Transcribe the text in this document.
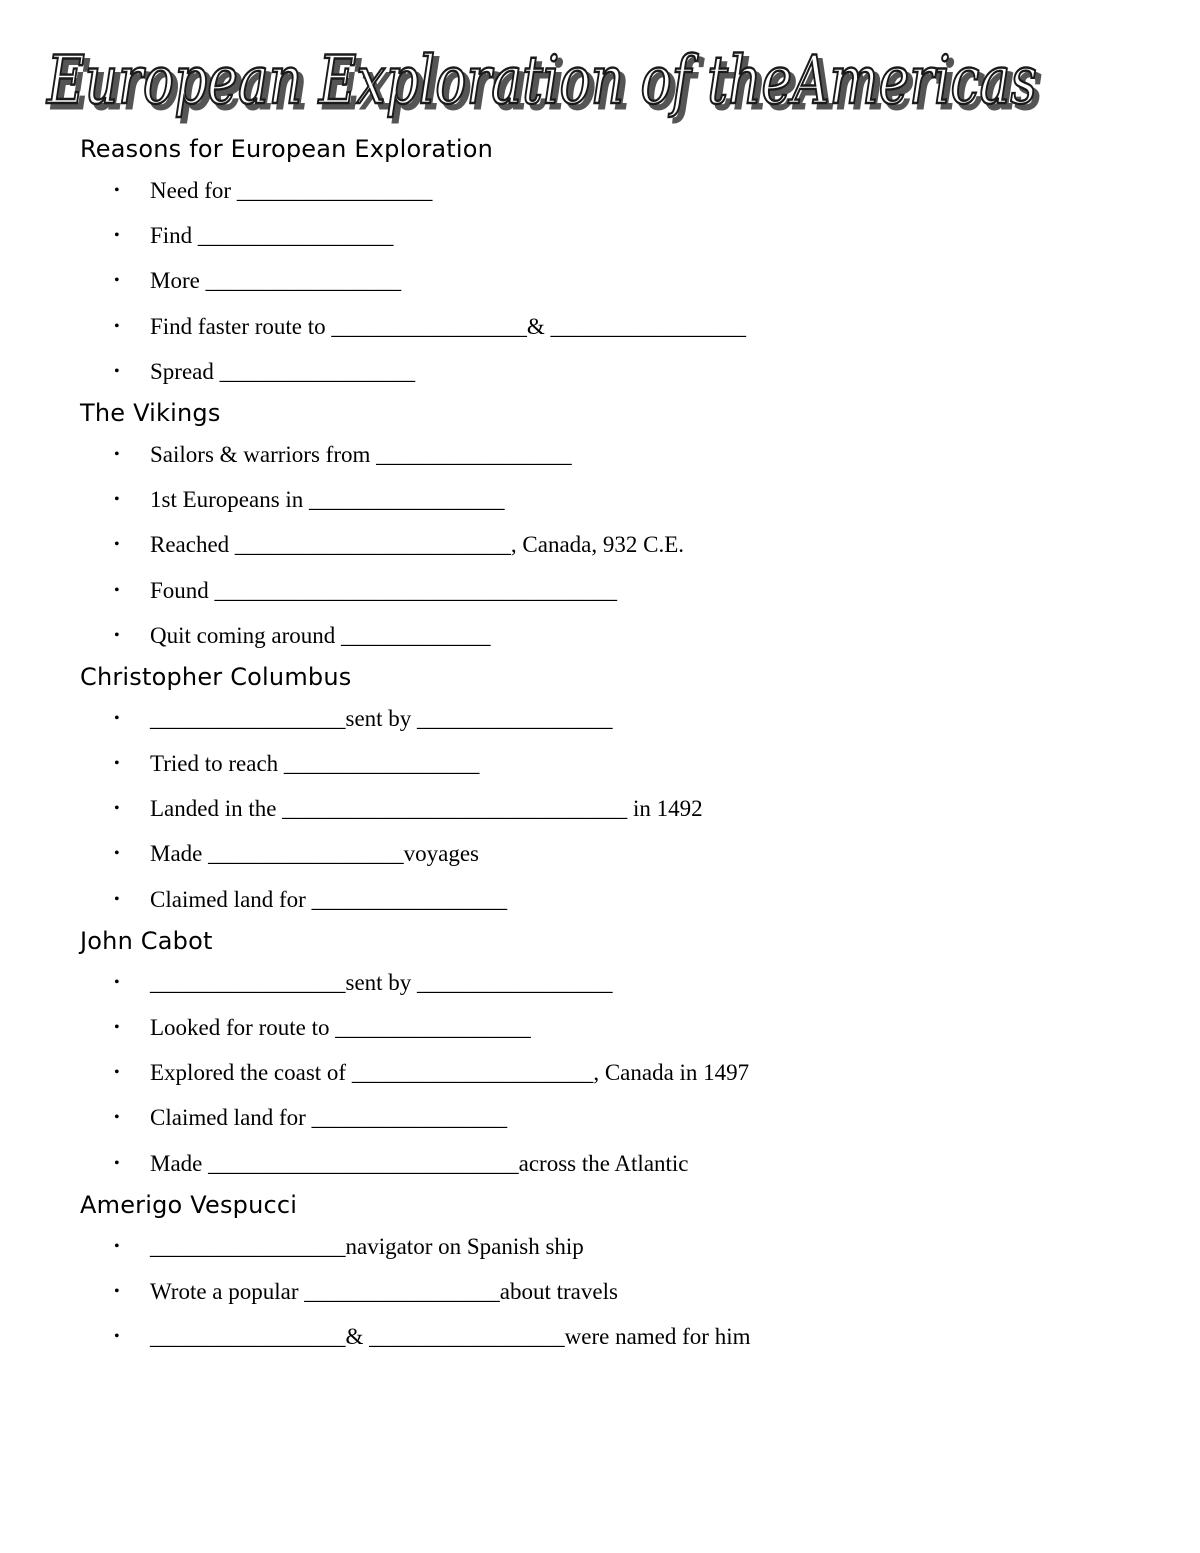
European Exploration of theAmericas
European Exploration of theAmericas
Reasons for European Exploration
• Need for _________________
• Find _________________
• More _________________
• Find faster route to _________________& _________________
• Spread _________________
The Vikings
• Sailors & warriors from _________________
• 1st Europeans in _________________
• Reached ________________________, Canada, 932 C.E.
• Found ___________________________________
• Quit coming around _____________
Christopher Columbus
• _________________sent by _________________
• Tried to reach _________________
• Landed in the ______________________________ in 1492
• Made _________________voyages
• Claimed land for _________________
John Cabot
• _________________sent by _________________
• Looked for route to _________________
• Explored the coast of _____________________, Canada in 1497
• Claimed land for _________________
• Made ___________________________across the Atlantic
Amerigo Vespucci
• _________________navigator on Spanish ship
• Wrote a popular _________________about travels
• _________________& _________________were named for him
